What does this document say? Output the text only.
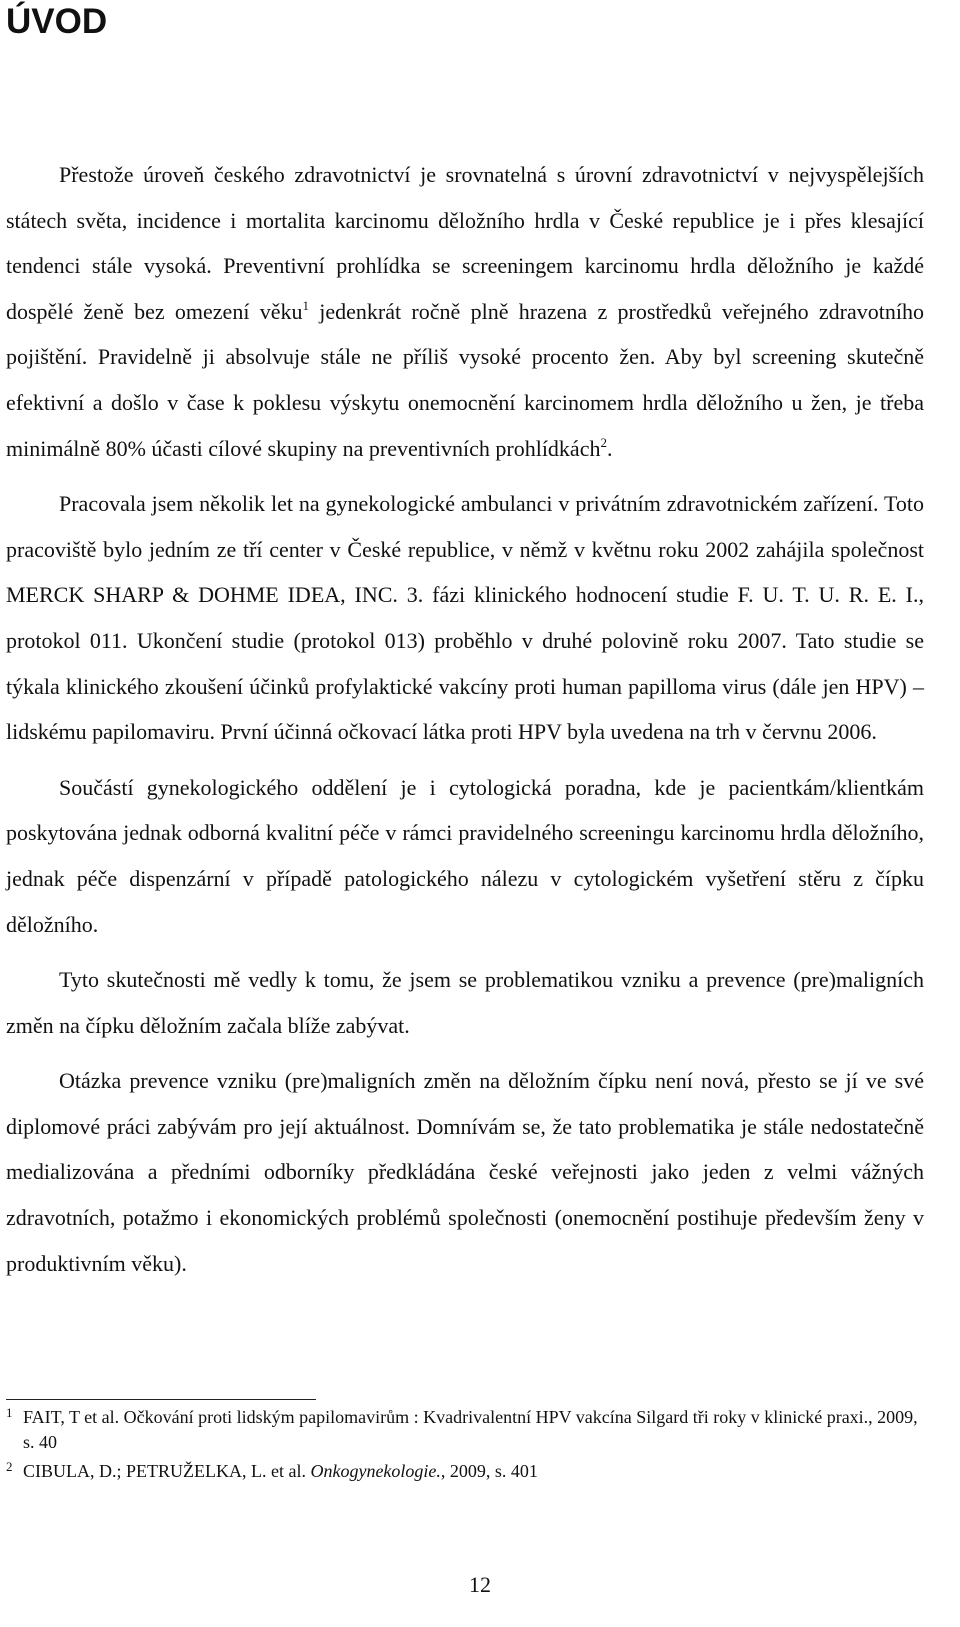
ÚVOD

Přestože úroveň českého zdravotnictví je srovnatelná s úrovní zdravotnictví v nejvyspělejších státech světa, incidence i mortalita karcinomu děložního hrdla v České republice je i přes klesající tendenci stále vysoká. Preventivní prohlídka se screeningem karcinomu hrdla děložního je každé dospělé ženě bez omezení věku$^1$ jedenkrát ročně plně hrazena z prostředků veřejného zdravotního pojištění. Pravidelně ji absolvuje stále ne příliš vysoké procento žen. Aby byl screening skutečně efektivní a došlo v čase k poklesu výskytu onemocnění karcinomem hrdla děložního u žen, je třeba minimálně 80% účasti cílové skupiny na preventivních prohlídkách$^2$.

Pracovala jsem několik let na gynekologické ambulanci v privátním zdravotnickém zařízení. Toto pracoviště bylo jedním ze tří center v České republice, v němž v květnu roku 2002 zahájila společnost MERCK SHARP & DOHME IDEA, INC. 3. fázi klinického hodnocení studie F. U. T. U. R. E. I., protokol 011. Ukončení studie (protokol 013) proběhlo v druhé polovině roku 2007. Tato studie se týkala klinického zkoušení účinků profylaktické vakcíny proti human papilloma virus (dále jen HPV) – lidskému papilomaviru. První účinná očkovací látka proti HPV byla uvedena na trh v červnu 2006.

Součástí gynekologického oddělení je i cytologická poradna, kde je pacientkám/klientkám poskytována jednak odborná kvalitní péče v rámci pravidelného screeningu karcinomu hrdla děložního, jednak péče dispenzární v případě patologického nálezu v cytologickém vyšetření stěru z čípku děložního.

Tyto skutečnosti mě vedly k tomu, že jsem se problematikou vzniku a prevence (pre)maligních změn na čípku děložním začala blíže zabývat.

Otázka prevence vzniku (pre)maligních změn na děložním čípku není nová, přesto se jí ve své diplomové práci zabývám pro její aktuálnost. Domnívám se, že tato problematika je stále nedostatečně medializována a předními odborníky předkládána české veřejnosti jako jeden z velmi vážných zdravotních, potažmo i ekonomických problémů společnosti (onemocnění postihuje především ženy v produktivním věku).

1 FAIT, T et al. Očkování proti lidským papilomavirům : Kvadrivalentní HPV vakcína Silgard tři roky v klinické praxi., 2009, s. 40
2 CIBULA, D.; PETRUŽELKA, L. et al. Onkogynekologie., 2009, s. 401
12
